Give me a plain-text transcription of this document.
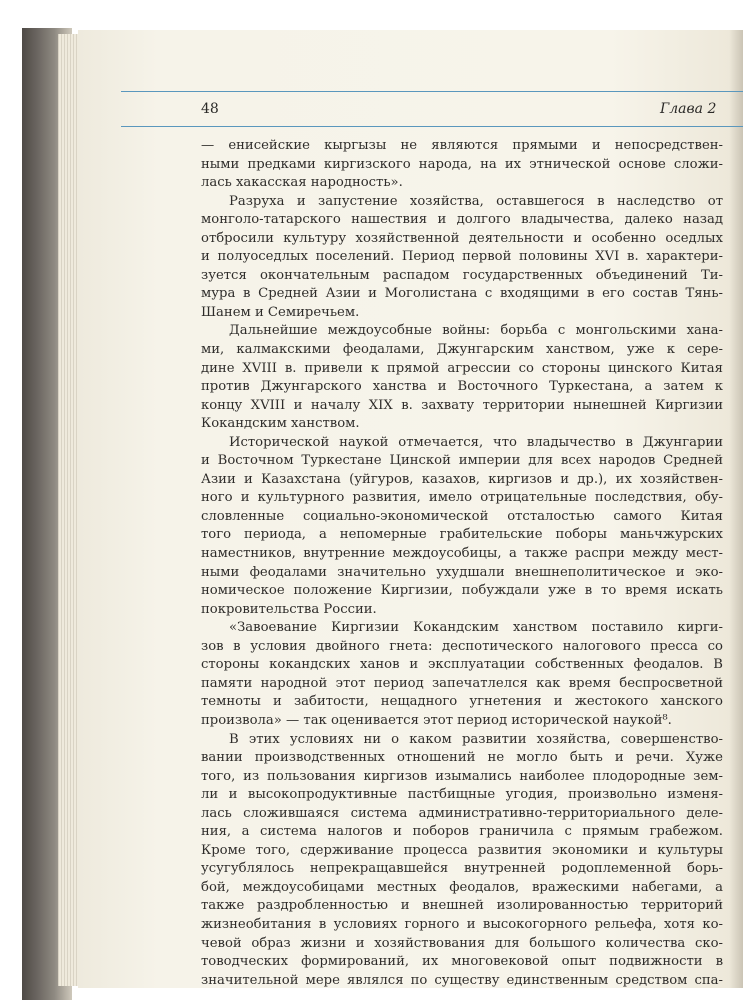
48	Глава 2
— енисейские кыргызы не являются прямыми и непосредствен-
ными предками киргизского народа, на их этнической основе сложи-
лась хакасская народность».
Разруха и запустение хозяйства, оставшегося в наследство от
монголо-татарского нашествия и долгого владычества, далеко назад
отбросили культуру хозяйственной деятельности и особенно оседлых
и полуоседлых поселений. Период первой половины XVI в. характери-
зуется окончательным распадом государственных объединений Ти-
мура в Средней Азии и Моголистана с входящими в его состав Тянь-
Шанем и Семиречьем.
Дальнейшие междоусобные войны: борьба с монгольскими хана-
ми, калмакскими феодалами, Джунгарским ханством, уже к сере-
дине XVIII в. привели к прямой агрессии со стороны цинского Китая
против Джунгарского ханства и Восточного Туркестана, а затем к
концу XVIII и началу XIX в. захвату территории нынешней Киргизии
Кокандским ханством.
Исторической наукой отмечается, что владычество в Джунгарии
и Восточном Туркестане Цинской империи для всех народов Средней
Азии и Казахстана (уйгуров, казахов, киргизов и др.), их хозяйствен-
ного и культурного развития, имело отрицательные последствия, обу-
словленные социально-экономической отсталостью самого Китая
того периода, а непомерные грабительские поборы маньчжурских
наместников, внутренние междоусобицы, а также распри между мест-
ными феодалами значительно ухудшали внешнеполитическое и эко-
номическое положение Киргизии, побуждали уже в то время искать
покровительства России.
«Завоевание Киргизии Кокандским ханством поставило кирги-
зов в условия двойного гнета: деспотического налогового пресса со
стороны кокандских ханов и эксплуатации собственных феодалов. В
памяти народной этот период запечатлелся как время беспросветной
темноты и забитости, нещадного угнетения и жестокого ханского
произвола» — так оценивается этот период исторической наукой⁸.
В этих условиях ни о каком развитии хозяйства, совершенство-
вании производственных отношений не могло быть и речи. Хуже
того, из пользования киргизов изымались наиболее плодородные зем-
ли и высокопродуктивные пастбищные угодия, произвольно изменя-
лась сложившаяся система административно-территориального деле-
ния, а система налогов и поборов граничила с прямым грабежом.
Кроме того, сдерживание процесса развития экономики и культуры
усугублялось непрекращавшейся внутренней родоплеменной борь-
бой, междоусобицами местных феодалов, вражескими набегами, а
также раздробленностью и внешней изолированностью территорий
жизнеобитания в условиях горного и высокогорного рельефа, хотя ко-
чевой образ жизни и хозяйствования для большого количества ско-
товодческих формирований, их многовековой опыт подвижности в
значительной мере являлся по существу единственным средством спа-
